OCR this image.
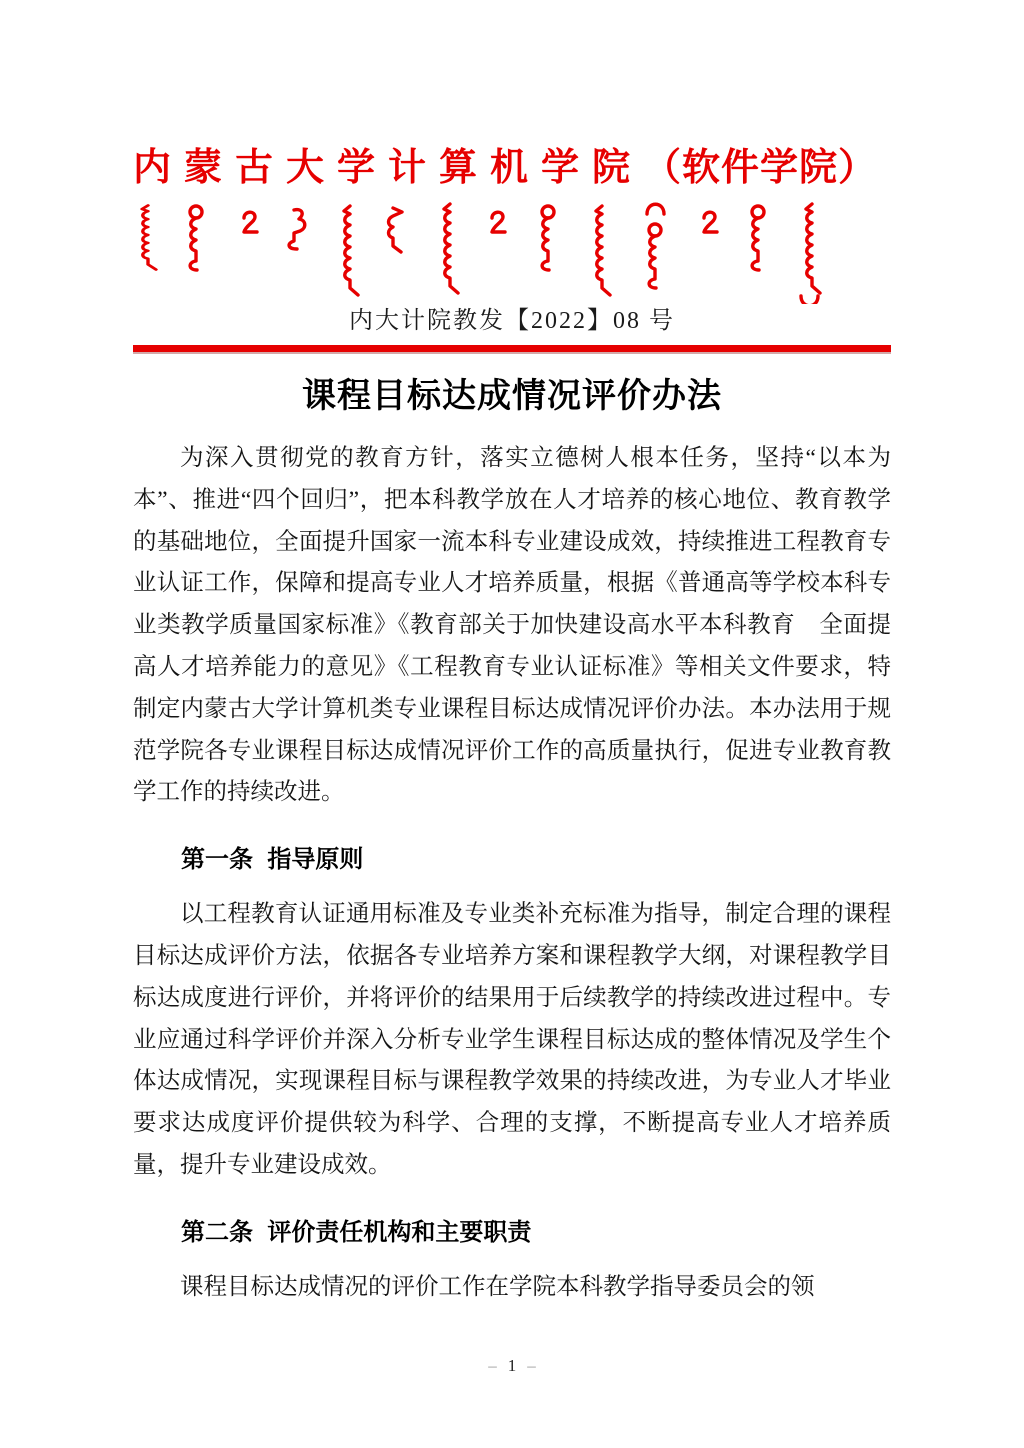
内蒙古大学计算机学院（软件学院）
内大计院教发【2022】08 号
课程目标达成情况评价办法

为深入贯彻党的教育方针，落实立德树人根本任务，坚持“以本为本”、推进“四个回归”，把本科教学放在人才培养的核心地位、教育教学的基础地位，全面提升国家一流本科专业建设成效，持续推进工程教育专业认证工作，保障和提高专业人才培养质量，根据《普通高等学校本科专业类教学质量国家标准》《教育部关于加快建设高水平本科教育　全面提高人才培养能力的意见》《工程教育专业认证标准》等相关文件要求，特制定内蒙古大学计算机类专业课程目标达成情况评价办法。本办法用于规范学院各专业课程目标达成情况评价工作的高质量执行，促进专业教育教学工作的持续改进。

第一条 指导原则

以工程教育认证通用标准及专业类补充标准为指导，制定合理的课程目标达成评价方法，依据各专业培养方案和课程教学大纲，对课程教学目标达成度进行评价，并将评价的结果用于后续教学的持续改进过程中。专业应通过科学评价并深入分析专业学生课程目标达成的整体情况及学生个体达成情况，实现课程目标与课程教学效果的持续改进，为专业人才毕业要求达成度评价提供较为科学、合理的支撑，不断提高专业人才培养质量，提升专业建设成效。

第二条 评价责任机构和主要职责

课程目标达成情况的评价工作在学院本科教学指导委员会的领

– 1 –
